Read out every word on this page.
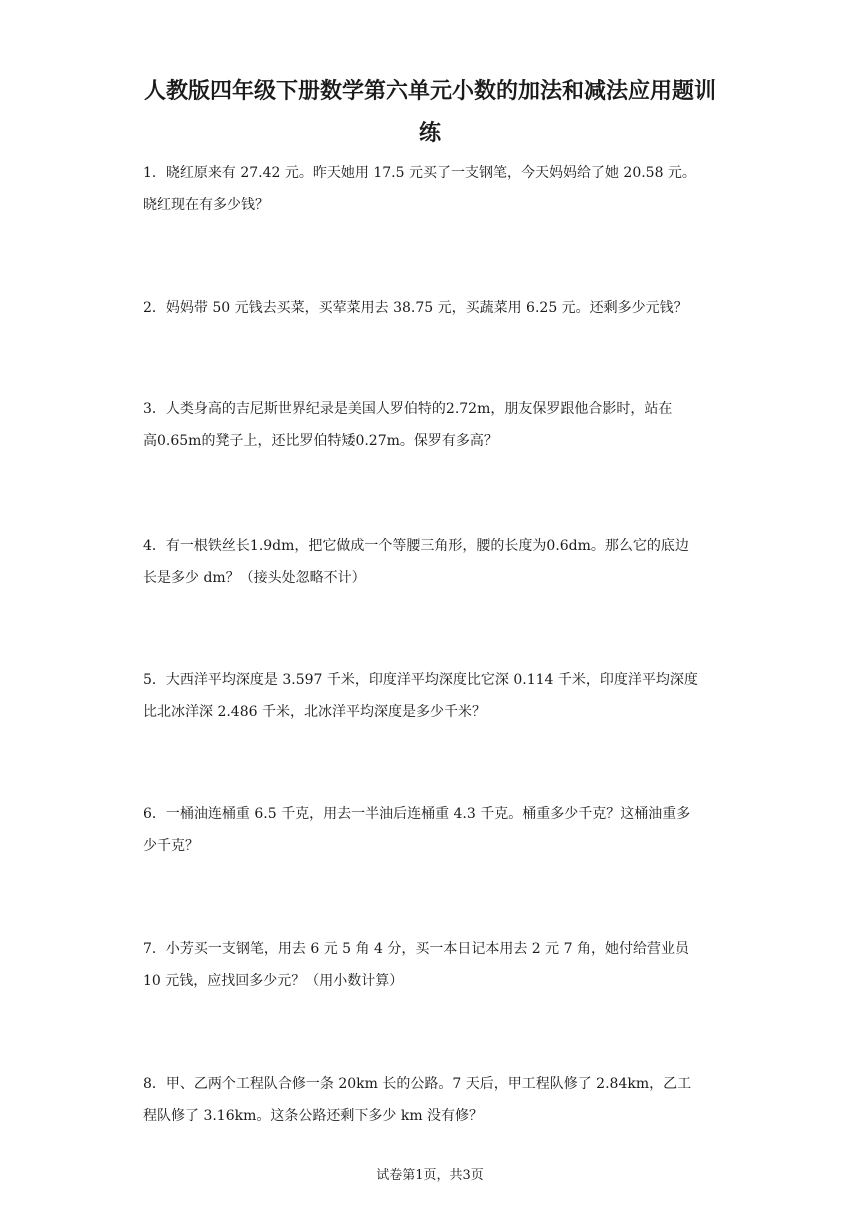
人教版四年级下册数学第六单元小数的加法和减法应用题训
练
1．晓红原来有 27.42 元。昨天她用 17.5 元买了一支钢笔，今天妈妈给了她 20.58 元。
晓红现在有多少钱？
2．妈妈带 50 元钱去买菜，买荤菜用去 38.75 元，买蔬菜用 6.25 元。还剩多少元钱？
3．人类身高的吉尼斯世界纪录是美国人罗伯特的2.72m，朋友保罗跟他合影时，站在
高0.65m的凳子上，还比罗伯特矮0.27m。保罗有多高？
4．有一根铁丝长1.9dm，把它做成一个等腰三角形，腰的长度为0.6dm。那么它的底边
长是多少 dm？（接头处忽略不计）
5．大西洋平均深度是 3.597 千米，印度洋平均深度比它深 0.114 千米，印度洋平均深度
比北冰洋深 2.486 千米，北冰洋平均深度是多少千米？
6．一桶油连桶重 6.5 千克，用去一半油后连桶重 4.3 千克。桶重多少千克？这桶油重多
少千克？
7．小芳买一支钢笔，用去 6 元 5 角 4 分，买一本日记本用去 2 元 7 角，她付给营业员
10 元钱，应找回多少元？（用小数计算）
8．甲、乙两个工程队合修一条 20km 长的公路。7 天后，甲工程队修了 2.84km，乙工
程队修了 3.16km。这条公路还剩下多少 km 没有修？
试卷第1页，共3页
